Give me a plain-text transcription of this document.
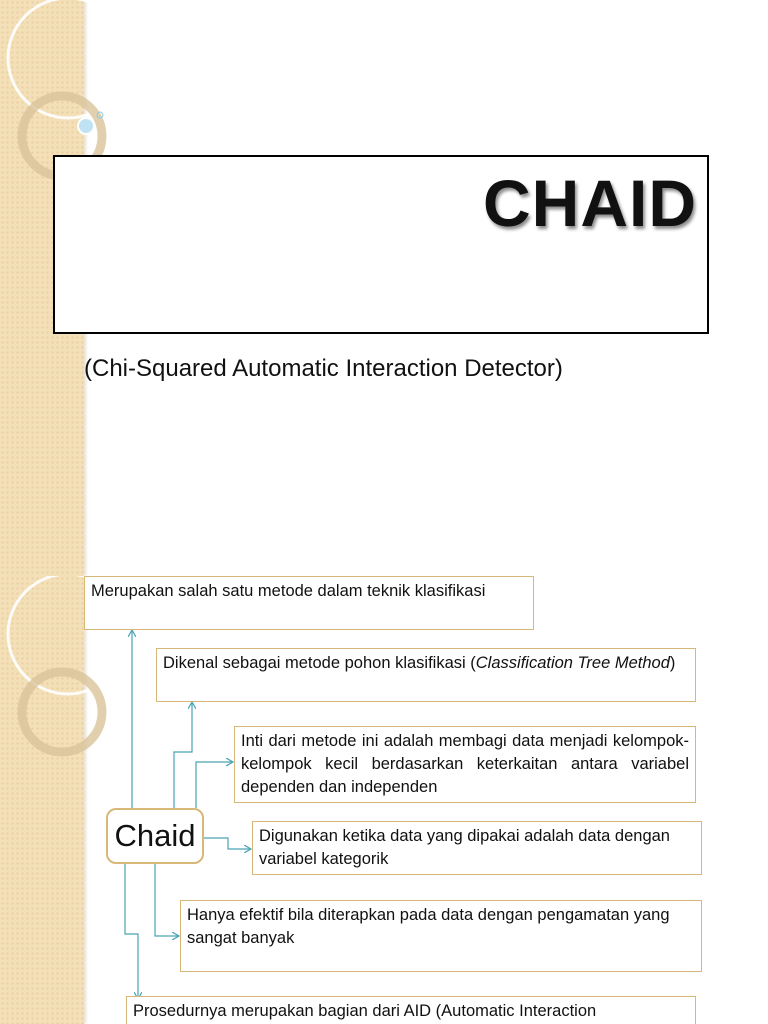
CHAID
(Chi-Squared Automatic Interaction Detector)
Merupakan salah satu metode dalam teknik klasifikasi
Dikenal sebagai metode pohon klasifikasi (Classification Tree Method)
Inti dari metode ini adalah membagi data menjadi kelompok-kelompok kecil berdasarkan keterkaitan antara variabel dependen dan independen
Chaid	Digunakan ketika data yang dipakai adalah data dengan variabel kategorik
Hanya efektif bila diterapkan pada data dengan pengamatan yang sangat banyak
Prosedurnya merupakan bagian dari AID (Automatic Interaction
